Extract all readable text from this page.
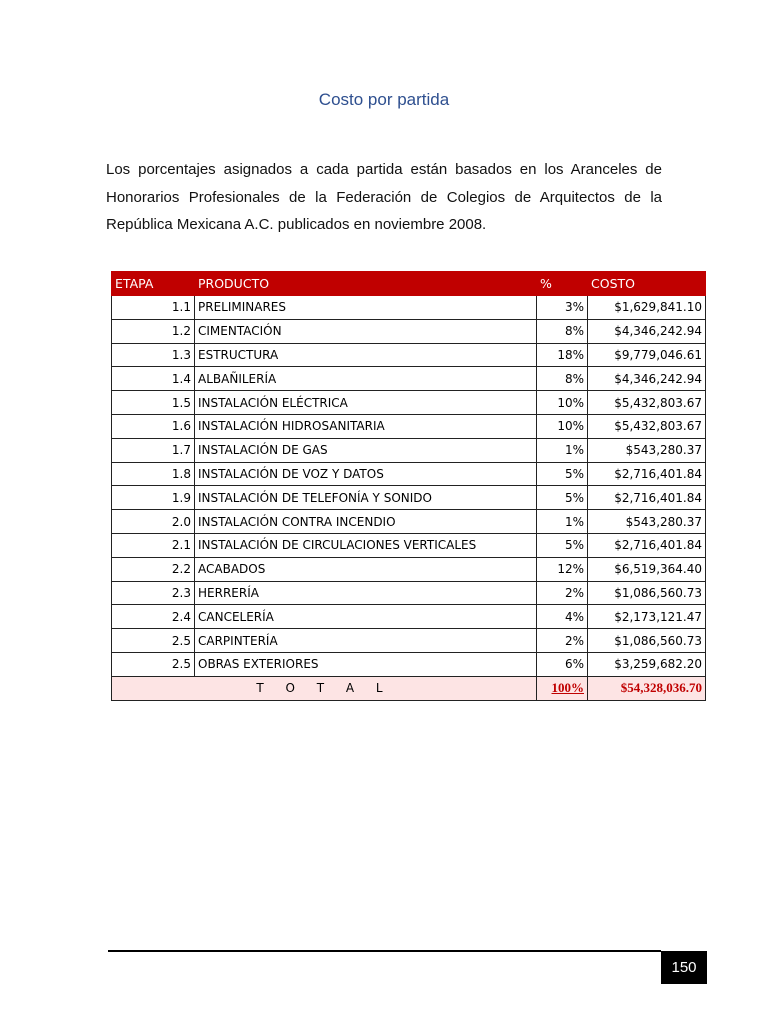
Costo por partida

Los porcentajes asignados a cada partida están basados en los Aranceles de Honorarios Profesionales de la Federación de Colegios de Arquitectos de la República Mexicana A.C. publicados en noviembre 2008.

ETAPA	PRODUCTO	%	COSTO
1.1	PRELIMINARES	3%	$1,629,841.10
1.2	CIMENTACIÓN	8%	$4,346,242.94
1.3	ESTRUCTURA	18%	$9,779,046.61
1.4	ALBAÑILERÍA	8%	$4,346,242.94
1.5	INSTALACIÓN ELÉCTRICA	10%	$5,432,803.67
1.6	INSTALACIÓN HIDROSANITARIA	10%	$5,432,803.67
1.7	INSTALACIÓN DE GAS	1%	$543,280.37
1.8	INSTALACIÓN DE VOZ Y DATOS	5%	$2,716,401.84
1.9	INSTALACIÓN DE TELEFONÍA Y SONIDO	5%	$2,716,401.84
2.0	INSTALACIÓN CONTRA INCENDIO	1%	$543,280.37
2.1	INSTALACIÓN DE CIRCULACIONES VERTICALES	5%	$2,716,401.84
2.2	ACABADOS	12%	$6,519,364.40
2.3	HERRERÍA	2%	$1,086,560.73
2.4	CANCELERÍA	4%	$2,173,121.47
2.5	CARPINTERÍA	2%	$1,086,560.73
2.5	OBRAS EXTERIORES	6%	$3,259,682.20
T O T A L		100%	$54,328,036.70
150
